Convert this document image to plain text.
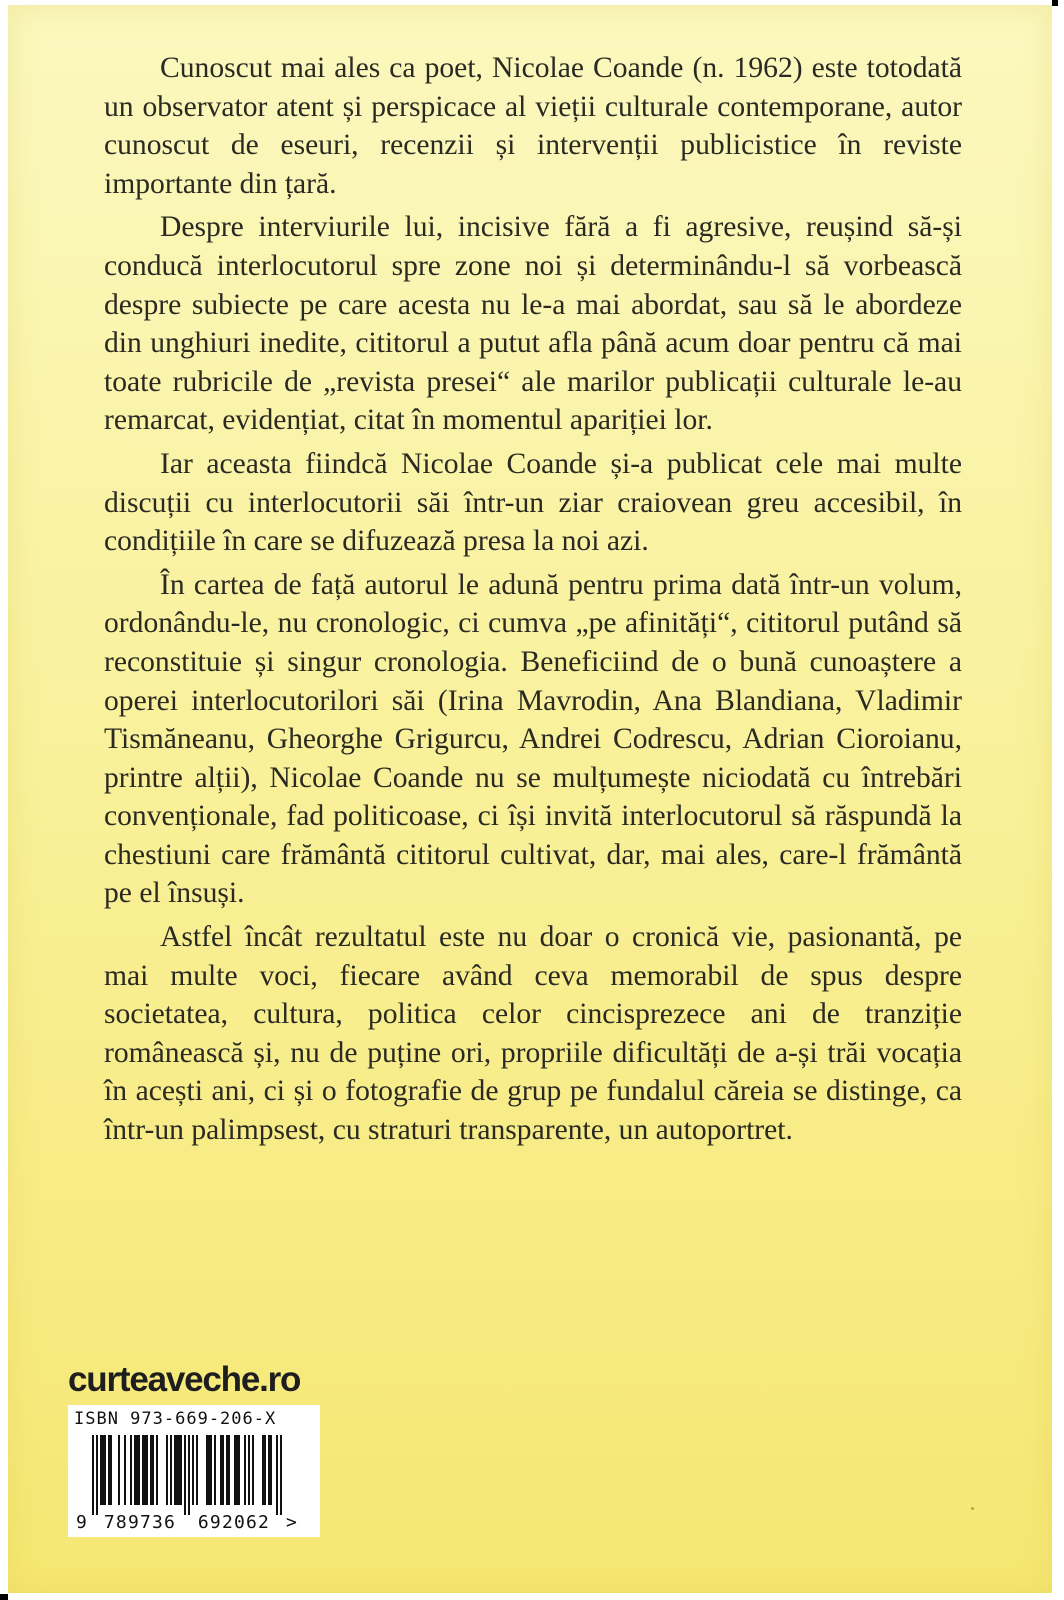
Cunoscut mai ales ca poet, Nicolae Coande (n. 1962) este totodată un observator atent și perspicace al vieții culturale contemporane, autor cunoscut de eseuri, recenzii și intervenții publicistice în reviste importante din țară.

Despre interviurile lui, incisive fără a fi agresive, reușind să-și conducă interlocutorul spre zone noi și determinându-l să vorbească despre subiecte pe care acesta nu le-a mai abordat, sau să le abordeze din unghiuri inedite, cititorul a putut afla până acum doar pentru că mai toate rubricile de „revista presei“ ale marilor publicații culturale le-au remarcat, evidențiat, citat în momentul apariției lor.

Iar aceasta fiindcă Nicolae Coande și-a publicat cele mai multe discuții cu interlocutorii săi într-un ziar craiovean greu accesibil, în condițiile în care se difuzează presa la noi azi.

În cartea de față autorul le adună pentru prima dată într-un volum, ordonându-le, nu cronologic, ci cumva „pe afinități“, cititorul putând să reconstituie și singur cronologia. Beneficiind de o bună cunoaștere a operei interlocutorilori săi (Irina Mavrodin, Ana Blandiana, Vladimir Tismăneanu, Gheorghe Grigurcu, Andrei Codrescu, Adrian Cioroianu, printre alții), Nicolae Coande nu se mulțumește niciodată cu întrebări convenționale, fad politicoase, ci își invită interlocutorul să răspundă la chestiuni care frământă cititorul cultivat, dar, mai ales, care-l frământă pe el însuși.

Astfel încât rezultatul este nu doar o cronică vie, pasionantă, pe mai multe voci, fiecare având ceva memorabil de spus despre societatea, cultura, politica celor cincisprezece ani de tranziție românească și, nu de puține ori, propriile dificultăți de a-și trăi vocația în acești ani, ci și o fotografie de grup pe fundalul căreia se distinge, ca într-un palimpsest, cu straturi transparente, un autoportret.

curteaveche.ro
ISBN 973-669-206-X
9 789736 692062 >
